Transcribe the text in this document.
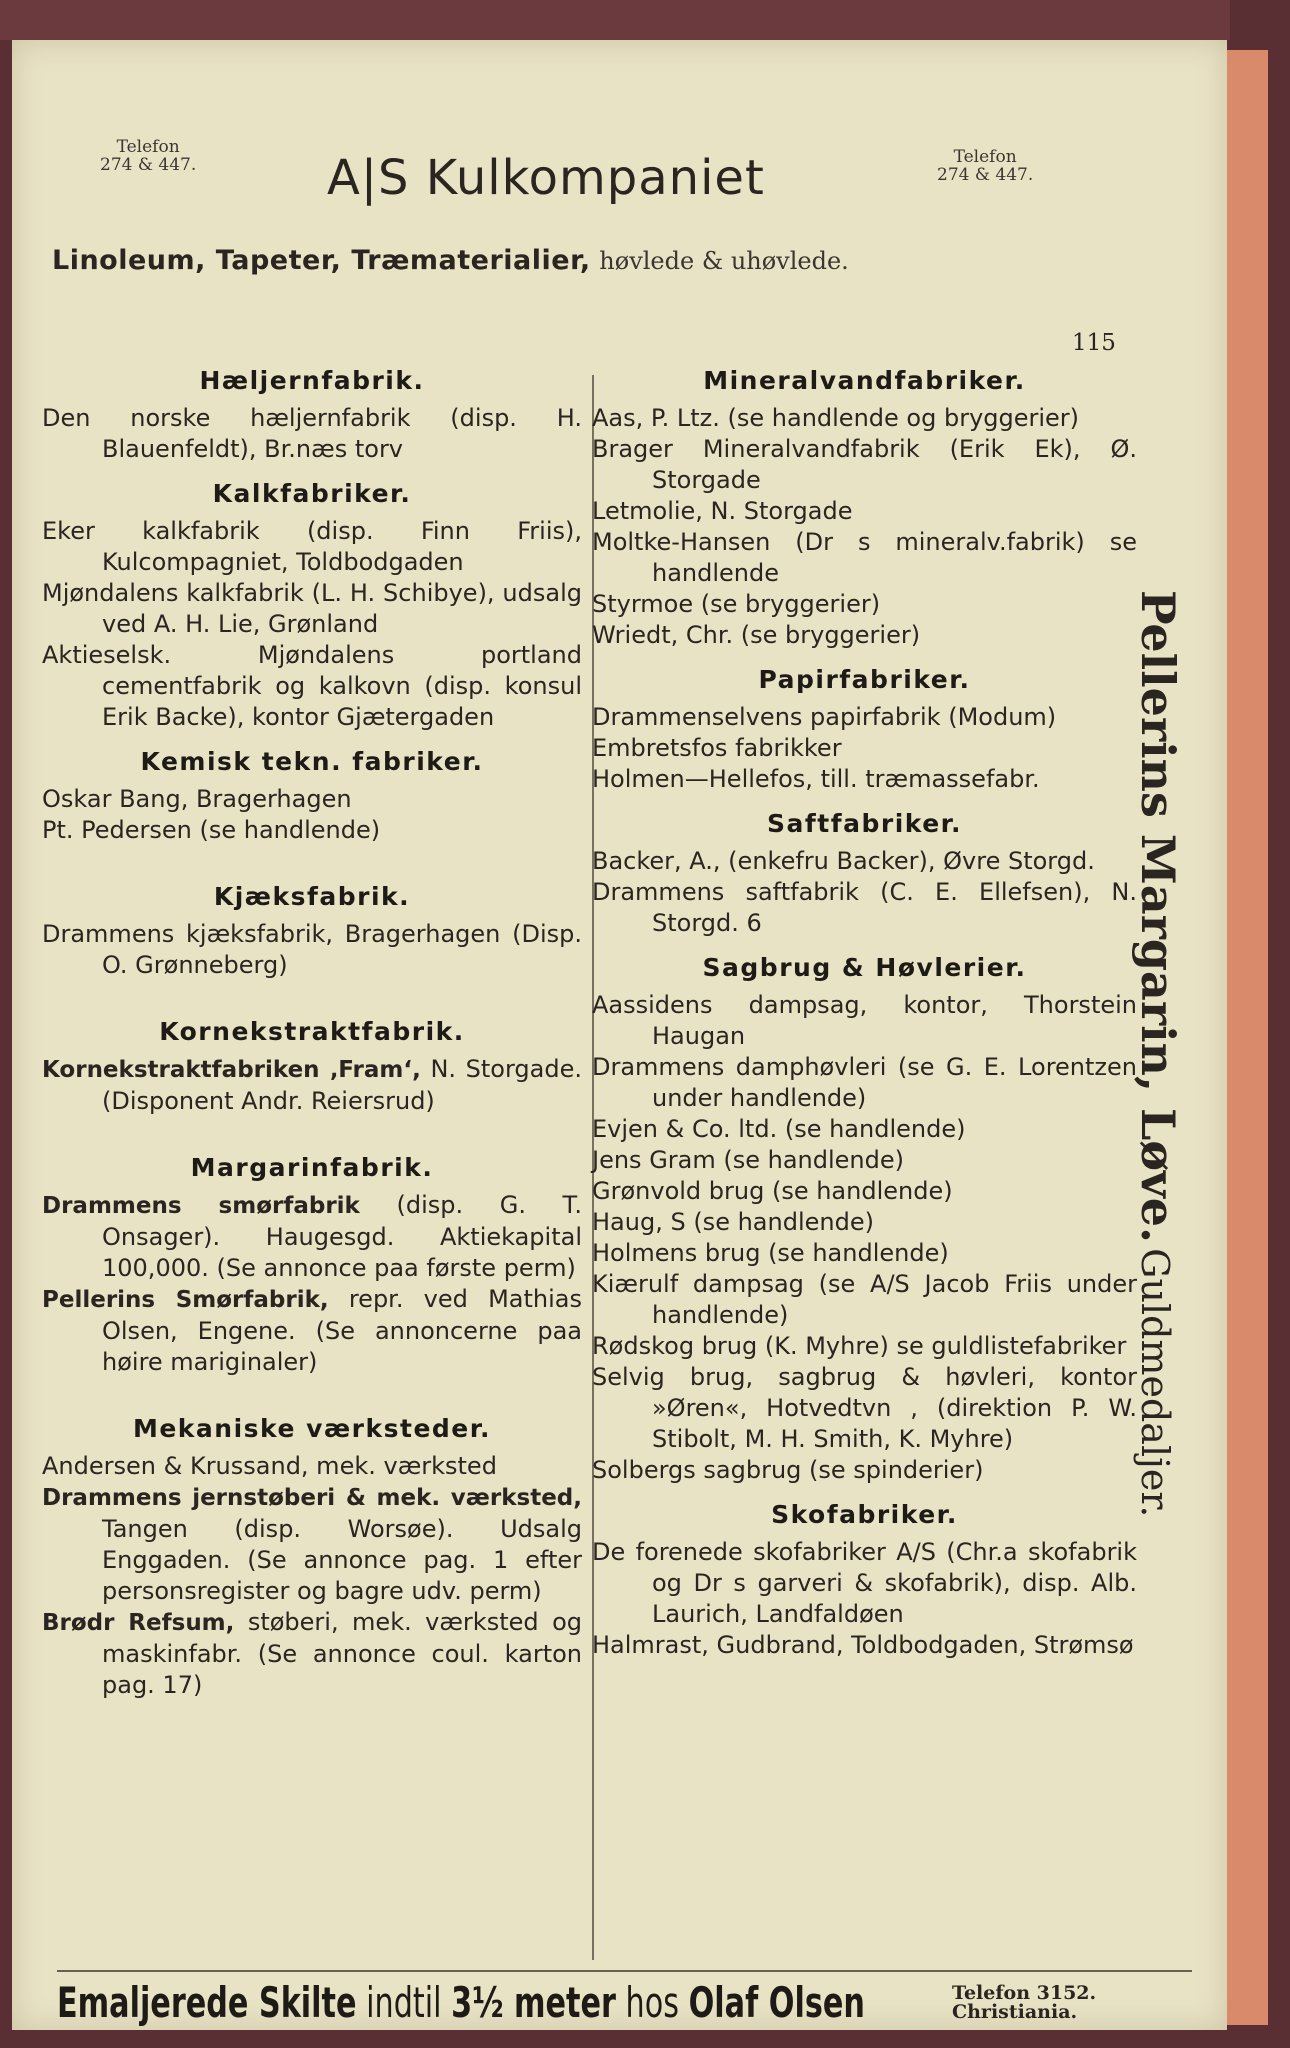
Telefon
274 & 447.	A|S Kulkompaniet	Telefon
274 & 447.
Linoleum, Tapeter, Træmaterialier, høvlede & uhøvlede.
115
Hæljernfabrik.

Den norske hæljernfabrik (disp. H. Blauenfeldt), Br.næs torv

Kalkfabriker.

Eker kalkfabrik (disp. Finn Friis), Kulcompagniet, Toldbodgaden

Mjøndalens kalkfabrik (L. H. Schibye), udsalg ved A. H. Lie, Grønland

Aktieselsk. Mjøndalens portland cementfabrik og kalkovn (disp. konsul Erik Backe), kontor Gjætergaden

Kemisk tekn. fabriker.

Oskar Bang, Bragerhagen

Pt. Pedersen (se handlende)

Kjæksfabrik.

Drammens kjæksfabrik, Bragerhagen (Disp. O. Grønneberg)

Kornekstraktfabrik.

Kornekstraktfabriken ‚Fram‘, N. Storgade. (Disponent Andr. Reiersrud)

Margarinfabrik.

Drammens smørfabrik (disp. G. T. Onsager). Haugesgd. Aktiekapital 100,000. (Se annonce paa første perm)

Pellerins Smørfabrik, repr. ved Mathias Olsen, Engene. (Se annoncerne paa høire mariginaler)

Mekaniske værksteder.

Andersen & Krussand, mek. værksted

Drammens jernstøberi & mek. værksted, Tangen (disp. Worsøe). Udsalg Enggaden. (Se annonce pag. 1 efter personsregister og bagre udv. perm)

Brødr Refsum, støberi, mek. værksted og maskinfabr. (Se annonce coul. karton pag. 17)

Mineralvandfabriker.

Aas, P. Ltz. (se handlende og bryggerier)

Brager Mineralvandfabrik (Erik Ek), Ø. Storgade

Letmolie, N. Storgade

Moltke-Hansen (Dr s mineralv.fabrik) se handlende

Styrmoe (se bryggerier)

Wriedt, Chr. (se bryggerier)

Papirfabriker.

Drammenselvens papirfabrik (Modum)

Embretsfos fabrikker

Holmen—Hellefos, till. træmassefabr.

Saftfabriker.

Backer, A., (enkefru Backer), Øvre Storgd.

Drammens saftfabrik (C. E. Ellefsen), N. Storgd. 6

Sagbrug & Høvlerier.

Aassidens dampsag, kontor, Thorstein Haugan

Drammens damphøvleri (se G. E. Lorentzen under handlende)

Evjen & Co. ltd. (se handlende)

Jens Gram (se handlende)

Grønvold brug (se handlende)

Haug, S (se handlende)

Holmens brug (se handlende)

Kiærulf dampsag (se A/S Jacob Friis under handlende)

Rødskog brug (K. Myhre) se guldlistefabriker

Selvig brug, sagbrug & høvleri, kontor »Øren«, Hotvedtvn , (direktion P. W. Stibolt, M. H. Smith, K. Myhre)

Solbergs sagbrug (se spinderier)

Skofabriker.

De forenede skofabriker A/S (Chr.a skofabrik og Dr s garveri & skofabrik), disp. Alb. Laurich, Landfaldøen

Halmrast, Gudbrand, Toldbodgaden, Strømsø

Emaljerede Skilte indtil 3½ meter hos Olaf Olsen	Telefon 3152.
Christiania.
Pellerins Margarin, Løve. Guldmedaljer.
